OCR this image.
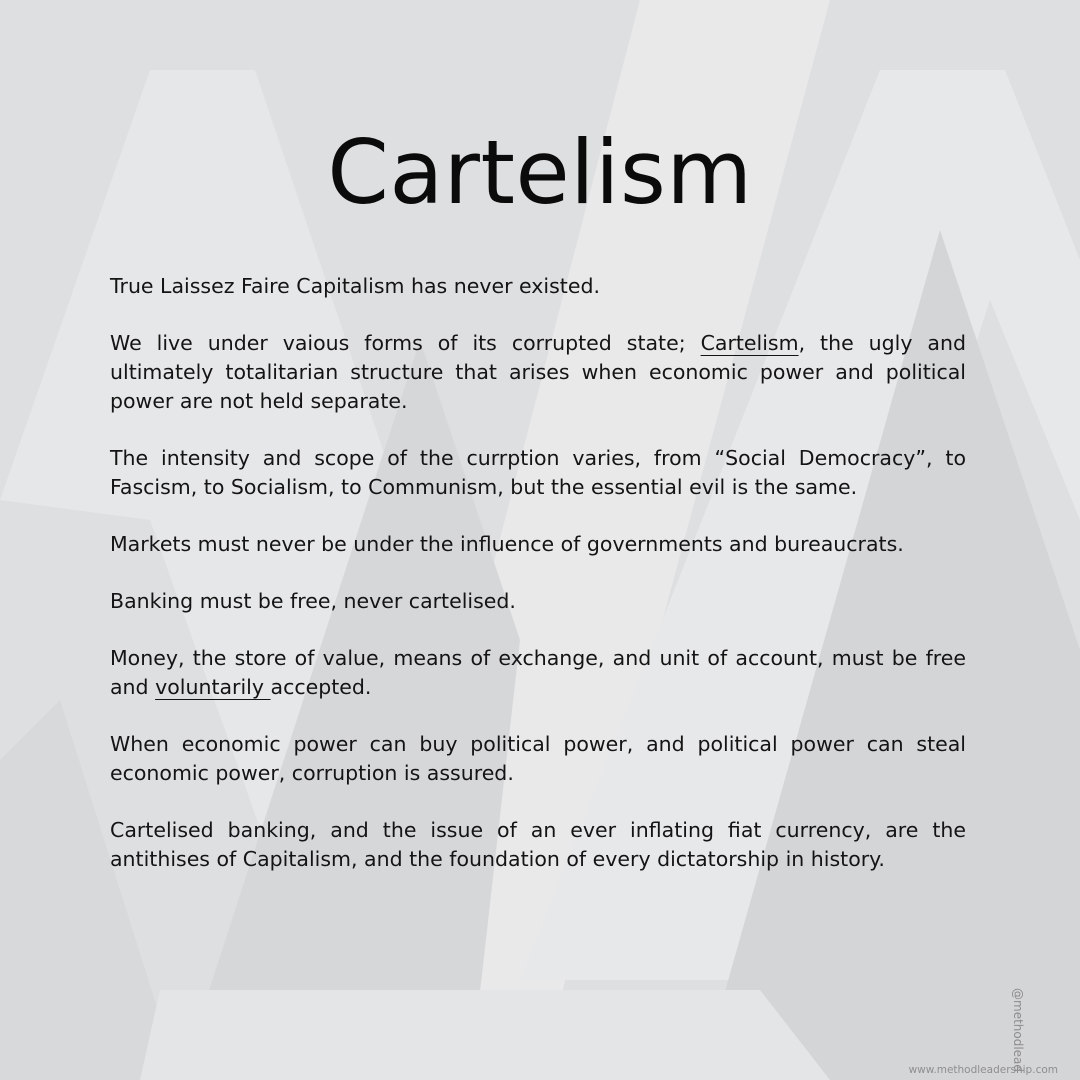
Cartelism

True Laissez Faire Capitalism has never existed.

We live under vaious forms of its corrupted state; Cartelism, the ugly and ultimately totalitarian structure that arises when economic power and political power are not held separate.

The intensity and scope of the currption varies, from “Social Democracy”, to Fascism, to Socialism, to Communism, but the essential evil is the same.

Markets must never be under the influence of governments and bureaucrats.

Banking must be free, never cartelised.

Money, the store of value, means of exchange, and unit of account, must be free and voluntarily accepted.

When economic power can buy political power, and political power can steal economic power, corruption is assured.

Cartelised banking, and the issue of an ever inflating fiat currency, are the antithises of Capitalism, and the foundation of every dictatorship in history.

@methodlead
www.methodleadership.com
